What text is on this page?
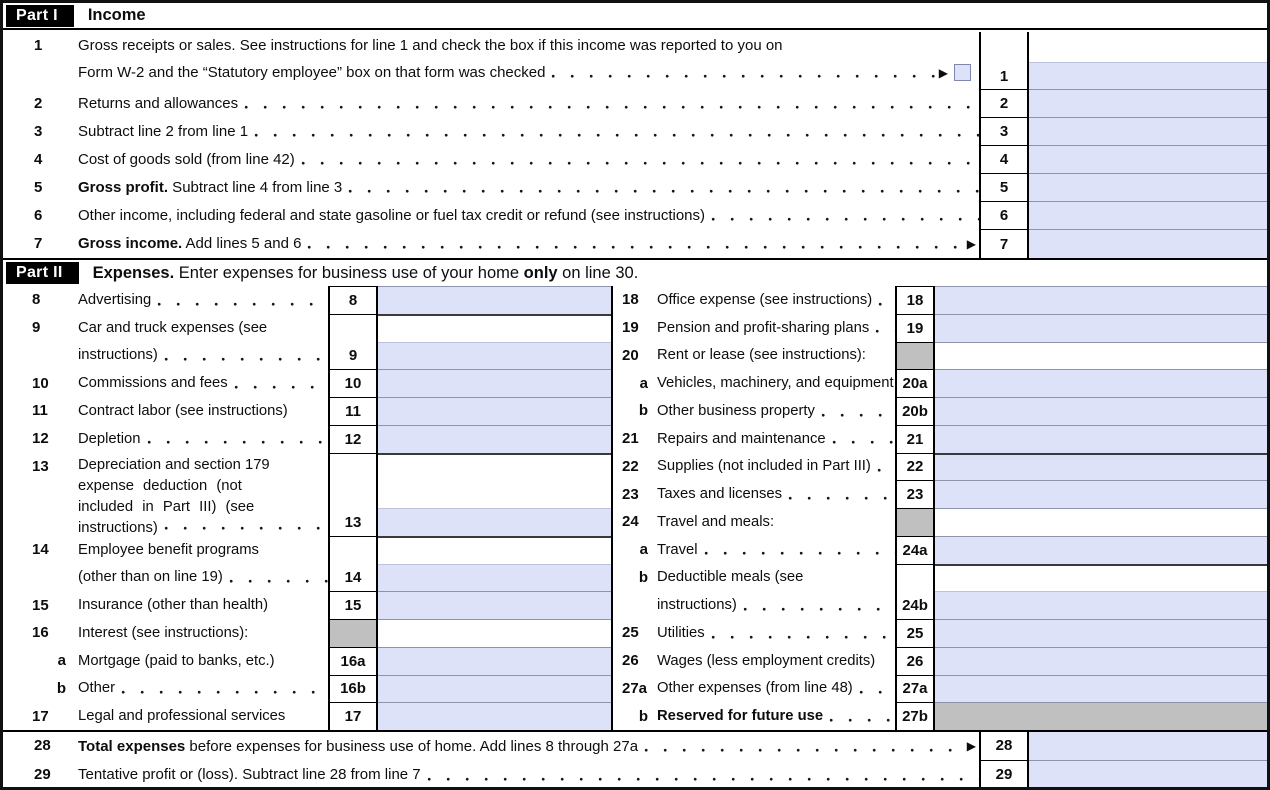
Part I	Income
1	Gross receipts or sales. See instructions for line 1 and check the box if this income was reported to you on
Form W-2 and the “Statutory employee” box on that form was checked	▶	1
2	Returns and allowances	2
3	Subtract line 2 from line 1	3
4	Cost of goods sold (from line 42)	4
5	Gross profit. Subtract line 4 from line 3	5
6	Other income, including federal and state gasoline or fuel tax credit or refund (see instructions)	6
7	Gross income. Add lines 5 and 6	▶	7
Part II	Expenses. Enter expenses for business use of your home only on line 30.
8	Advertising	8
9	Car and truck expenses (see
instructions)	9
10	Commissions and fees	10
11	Contract labor (see instructions)	11
12	Depletion	12
13	Depreciation and section 179
expense deduction (not
included in Part III) (see
instructions)	13
14	Employee benefit programs
(other than on line 19)	14
15	Insurance (other than health)	15
16	Interest (see instructions):
a Mortgage (paid to banks, etc.)	16a
b Other	16b
17	Legal and professional services	17
18	Office expense (see instructions)	18
19	Pension and profit-sharing plans	19
20	Rent or lease (see instructions):
a Vehicles, machinery, and equipment 20a
b Other business property	20b
21	Repairs and maintenance	21
22	Supplies (not included in Part III)	22
23	Taxes and licenses	23
24	Travel and meals:
a Travel	24a
b Deductible meals (see
instructions)	24b
25	Utilities	25
26	Wages (less employment credits)	26
27a Other expenses (from line 48)	27a
b Reserved for future use	27b
28	Total expenses before expenses for business use of home. Add lines 8 through 27a	▶	28
29	Tentative profit or (loss). Subtract line 28 from line 7	29
